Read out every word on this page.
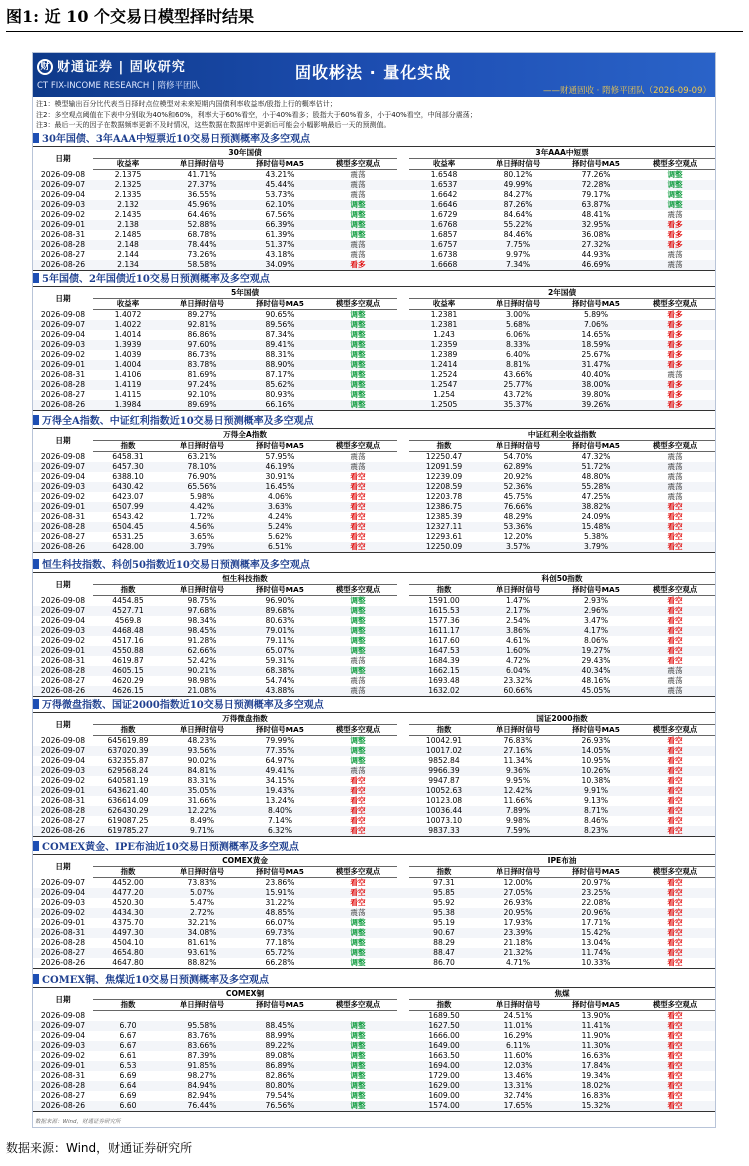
图1: 近 10 个交易日模型择时结果
财 财通证券 | 固收研究
CT FIX-INCOME RESEARCH | 隋修平团队
固收彬法 · 量化实战
——财通固收 · 隋修平团队（2026-09-09）
注1：模型输出百分比代表当日择时点位模型对未来短期内国债利率收益率/股指上行的概率估计；
注2：多空观点阈值在下表中分别取为40%和60%，利率大于60%看空，小于40%看多；股指大于60%看多，小于40%看空，中间部分震荡；
注3：最后一天的因子在数据频率更新不及时情况，这些数据在数据库中更新后可能会小幅影响最后一天的预测值。
30年国债、3年AAA中短票近10交易日预测概率及多空观点
日期	30年国债					3年AAA中短票			
	收益率	单日择时信号	择时信号MA5	模型多空观点		收益率	单日择时信号	择时信号MA5	模型多空观点
2026-09-08	2.1375	41.71%	43.21%	震荡		1.6548	80.12%	77.26%	调整
2026-09-07	2.1325	27.37%	45.44%	震荡		1.6537	49.99%	72.28%	调整
2026-09-04	2.1335	36.55%	53.73%	震荡		1.6642	84.27%	79.17%	调整
2026-09-03	2.132	45.96%	62.10%	调整		1.6646	87.26%	63.87%	调整
2026-09-02	2.1435	64.46%	67.56%	调整		1.6729	84.64%	48.41%	震荡
2026-09-01	2.138	52.88%	66.39%	调整		1.6768	55.22%	32.95%	看多
2026-08-31	2.1485	68.78%	61.39%	调整		1.6857	84.46%	36.08%	看多
2026-08-28	2.148	78.44%	51.37%	震荡		1.6757	7.75%	27.32%	看多
2026-08-27	2.144	73.26%	43.18%	震荡		1.6738	9.97%	44.93%	震荡
2026-08-26	2.134	58.58%	34.09%	看多		1.6668	7.34%	46.69%	震荡
5年国债、2年国债近10交易日预测概率及多空观点
日期	5年国债					2年国债			
	收益率	单日择时信号	择时信号MA5	模型多空观点		收益率	单日择时信号	择时信号MA5	模型多空观点
2026-09-08	1.4072	89.27%	90.65%	调整		1.2381	3.00%	5.89%	看多
2026-09-07	1.4022	92.81%	89.56%	调整		1.2381	5.68%	7.06%	看多
2026-09-04	1.4014	86.86%	87.34%	调整		1.243	6.06%	14.65%	看多
2026-09-03	1.3939	97.60%	89.41%	调整		1.2359	8.33%	18.59%	看多
2026-09-02	1.4039	86.73%	88.31%	调整		1.2389	6.40%	25.67%	看多
2026-09-01	1.4004	83.78%	88.90%	调整		1.2414	8.81%	31.47%	看多
2026-08-31	1.4106	81.69%	87.17%	调整		1.2524	43.66%	40.40%	震荡
2026-08-28	1.4119	97.24%	85.62%	调整		1.2547	25.77%	38.00%	看多
2026-08-27	1.4115	92.10%	80.93%	调整		1.254	43.72%	39.80%	看多
2026-08-26	1.3984	89.69%	66.16%	调整		1.2505	35.37%	39.26%	看多
万得全A指数、中证红利指数近10交易日预测概率及多空观点
日期	万得全A指数					中证红利全收益指数			
	指数	单日择时信号	择时信号MA5	模型多空观点		指数	单日择时信号	择时信号MA5	模型多空观点
2026-09-08	6458.31	63.21%	57.95%	震荡		12250.47	54.70%	47.32%	震荡
2026-09-07	6457.30	78.10%	46.19%	震荡		12091.59	62.89%	51.72%	震荡
2026-09-04	6388.10	76.90%	30.91%	看空		12239.09	20.92%	48.80%	震荡
2026-09-03	6430.42	65.56%	16.45%	看空		12208.59	52.36%	55.28%	震荡
2026-09-02	6423.07	5.98%	4.06%	看空		12203.78	45.75%	47.25%	震荡
2026-09-01	6507.99	4.42%	3.63%	看空		12386.75	76.66%	38.82%	看空
2026-08-31	6543.42	1.72%	4.24%	看空		12385.39	48.29%	24.09%	看空
2026-08-28	6504.45	4.56%	5.24%	看空		12327.11	53.36%	15.48%	看空
2026-08-27	6531.25	3.65%	5.62%	看空		12293.61	12.20%	5.38%	看空
2026-08-26	6428.00	3.79%	6.51%	看空		12250.09	3.57%	3.79%	看空
恒生科技指数、科创50指数近10交易日预测概率及多空观点
日期	恒生科技指数					科创50指数			
	指数	单日择时信号	择时信号MA5	模型多空观点		指数	单日择时信号	择时信号MA5	模型多空观点
2026-09-08	4454.85	98.75%	96.90%	调整		1591.00	1.47%	2.93%	看空
2026-09-07	4527.71	97.68%	89.68%	调整		1615.53	2.17%	2.96%	看空
2026-09-04	4569.8	98.34%	80.63%	调整		1577.36	2.54%	3.47%	看空
2026-09-03	4468.48	98.45%	79.01%	调整		1611.17	3.86%	4.17%	看空
2026-09-02	4517.16	91.28%	79.11%	调整		1617.60	4.61%	8.06%	看空
2026-09-01	4550.88	62.66%	65.07%	调整		1647.53	1.60%	19.27%	看空
2026-08-31	4619.87	52.42%	59.31%	震荡		1684.39	4.72%	29.43%	看空
2026-08-28	4605.15	90.21%	68.38%	调整		1662.15	6.04%	40.34%	震荡
2026-08-27	4620.29	98.98%	54.74%	震荡		1693.48	23.32%	48.16%	震荡
2026-08-26	4626.15	21.08%	43.88%	震荡		1632.02	60.66%	45.05%	震荡
万得微盘指数、国证2000指数近10交易日预测概率及多空观点
日期	万得微盘指数					国证2000指数			
	指数	单日择时信号	择时信号MA5	模型多空观点		指数	单日择时信号	择时信号MA5	模型多空观点
2026-09-08	645619.89	48.23%	79.99%	调整		10042.91	76.83%	26.93%	看空
2026-09-07	637020.39	93.56%	77.35%	调整		10017.02	27.16%	14.05%	看空
2026-09-04	632355.87	90.02%	64.97%	调整		9852.84	11.34%	10.95%	看空
2026-09-03	629568.24	84.81%	49.41%	震荡		9966.39	9.36%	10.26%	看空
2026-09-02	640581.19	83.31%	34.15%	看空		9947.87	9.95%	10.38%	看空
2026-09-01	643621.40	35.05%	19.43%	看空		10052.63	12.42%	9.91%	看空
2026-08-31	636614.09	31.66%	13.24%	看空		10123.08	11.66%	9.13%	看空
2026-08-28	626430.29	12.22%	8.40%	看空		10036.44	7.89%	8.71%	看空
2026-08-27	619087.25	8.49%	7.14%	看空		10073.10	9.98%	8.46%	看空
2026-08-26	619785.27	9.71%	6.32%	看空		9837.33	7.59%	8.23%	看空
COMEX黄金、IPE布油近10交易日预测概率及多空观点
日期	COMEX黄金					IPE布油			
	指数	单日择时信号	择时信号MA5	模型多空观点		指数	单日择时信号	择时信号MA5	模型多空观点
2026-09-07	4452.00	73.83%	23.86%	看空		97.31	12.00%	20.97%	看空
2026-09-04	4477.20	5.07%	15.91%	看空		95.85	27.05%	23.25%	看空
2026-09-03	4520.30	5.47%	31.22%	看空		95.92	26.93%	22.08%	看空
2026-09-02	4434.30	2.72%	48.85%	震荡		95.38	20.95%	20.96%	看空
2026-09-01	4375.70	32.21%	66.07%	调整		95.19	17.93%	17.71%	看空
2026-08-31	4497.30	34.08%	69.73%	调整		90.67	23.39%	15.42%	看空
2026-08-28	4504.10	81.61%	77.18%	调整		88.29	21.18%	13.04%	看空
2026-08-27	4654.80	93.61%	65.72%	调整		88.47	21.32%	11.74%	看空
2026-08-26	4647.80	88.82%	66.28%	调整		86.70	4.71%	10.33%	看空
COMEX铜、焦煤近10交易日预测概率及多空观点
日期	COMEX铜					焦煤			
	指数	单日择时信号	择时信号MA5	模型多空观点		指数	单日择时信号	择时信号MA5	模型多空观点
2026-09-08						1689.50	24.51%	13.90%	看空
2026-09-07	6.70	95.58%	88.45%	调整		1627.50	11.01%	11.41%	看空
2026-09-04	6.67	83.76%	88.99%	调整		1666.00	16.29%	11.90%	看空
2026-09-03	6.67	83.66%	89.22%	调整		1649.00	6.11%	11.30%	看空
2026-09-02	6.61	87.39%	89.08%	调整		1663.50	11.60%	16.63%	看空
2026-09-01	6.53	91.85%	86.89%	调整		1694.00	12.03%	17.84%	看空
2026-08-31	6.69	98.27%	82.86%	调整		1729.00	13.46%	19.34%	看空
2026-08-28	6.64	84.94%	80.80%	调整		1629.00	13.31%	18.02%	看空
2026-08-27	6.69	82.94%	79.54%	调整		1609.00	32.74%	16.83%	看空
2026-08-26	6.60	76.44%	76.56%	调整		1574.00	17.65%	15.32%	看空
数据来源：Wind，财通证券研究所
数据来源：Wind，财通证券研究所
